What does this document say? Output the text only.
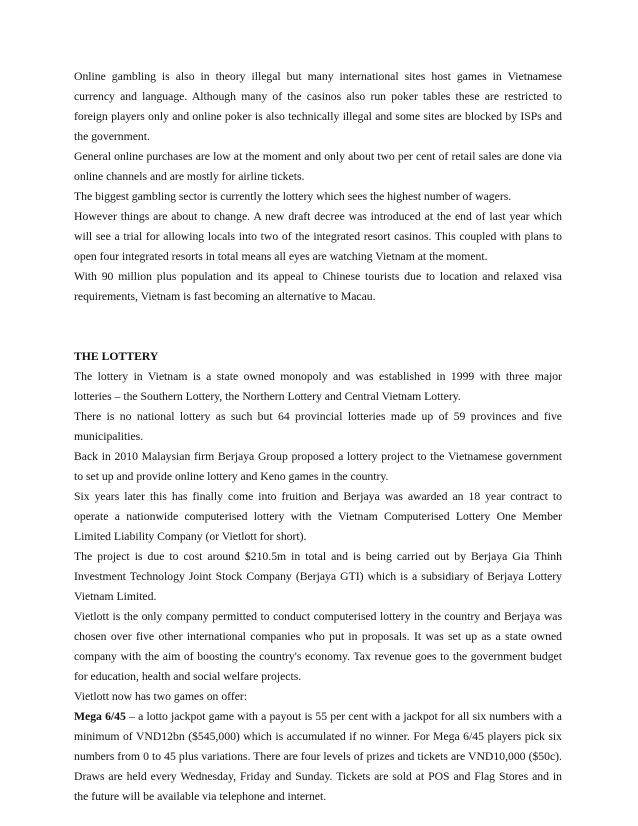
Online gambling is also in theory illegal but many international sites host games in Vietnamese currency and language. Although many of the casinos also run poker tables these are restricted to foreign players only and online poker is also technically illegal and some sites are blocked by ISPs and the government.

General online purchases are low at the moment and only about two per cent of retail sales are done via online channels and are mostly for airline tickets.

The biggest gambling sector is currently the lottery which sees the highest number of wagers.

However things are about to change. A new draft decree was introduced at the end of last year which will see a trial for allowing locals into two of the integrated resort casinos. This coupled with plans to open four integrated resorts in total means all eyes are watching Vietnam at the moment.

With 90 million plus population and its appeal to Chinese tourists due to location and relaxed visa requirements, Vietnam is fast becoming an alternative to Macau.

THE LOTTERY

The lottery in Vietnam is a state owned monopoly and was established in 1999 with three major lotteries – the Southern Lottery, the Northern Lottery and Central Vietnam Lottery.

There is no national lottery as such but 64 provincial lotteries made up of 59 provinces and five municipalities.

Back in 2010 Malaysian firm Berjaya Group proposed a lottery project to the Vietnamese government to set up and provide online lottery and Keno games in the country.

Six years later this has finally come into fruition and Berjaya was awarded an 18 year contract to operate a nationwide computerised lottery with the Vietnam Computerised Lottery One Member Limited Liability Company (or Vietlott for short).

The project is due to cost around $210.5m in total and is being carried out by Berjaya Gia Thinh Investment Technology Joint Stock Company (Berjaya GTI) which is a subsidiary of Berjaya Lottery Vietnam Limited.

Vietlott is the only company permitted to conduct computerised lottery in the country and Berjaya was chosen over five other international companies who put in proposals. It was set up as a state owned company with the aim of boosting the country's economy. Tax revenue goes to the government budget for education, health and social welfare projects.

Vietlott now has two games on offer:

Mega 6/45 – a lotto jackpot game with a payout is 55 per cent with a jackpot for all six numbers with a minimum of VND12bn ($545,000) which is accumulated if no winner. For Mega 6/45 players pick six numbers from 0 to 45 plus variations. There are four levels of prizes and tickets are VND10,000 ($50c). Draws are held every Wednesday, Friday and Sunday. Tickets are sold at POS and Flag Stores and in the future will be available via telephone and internet.
